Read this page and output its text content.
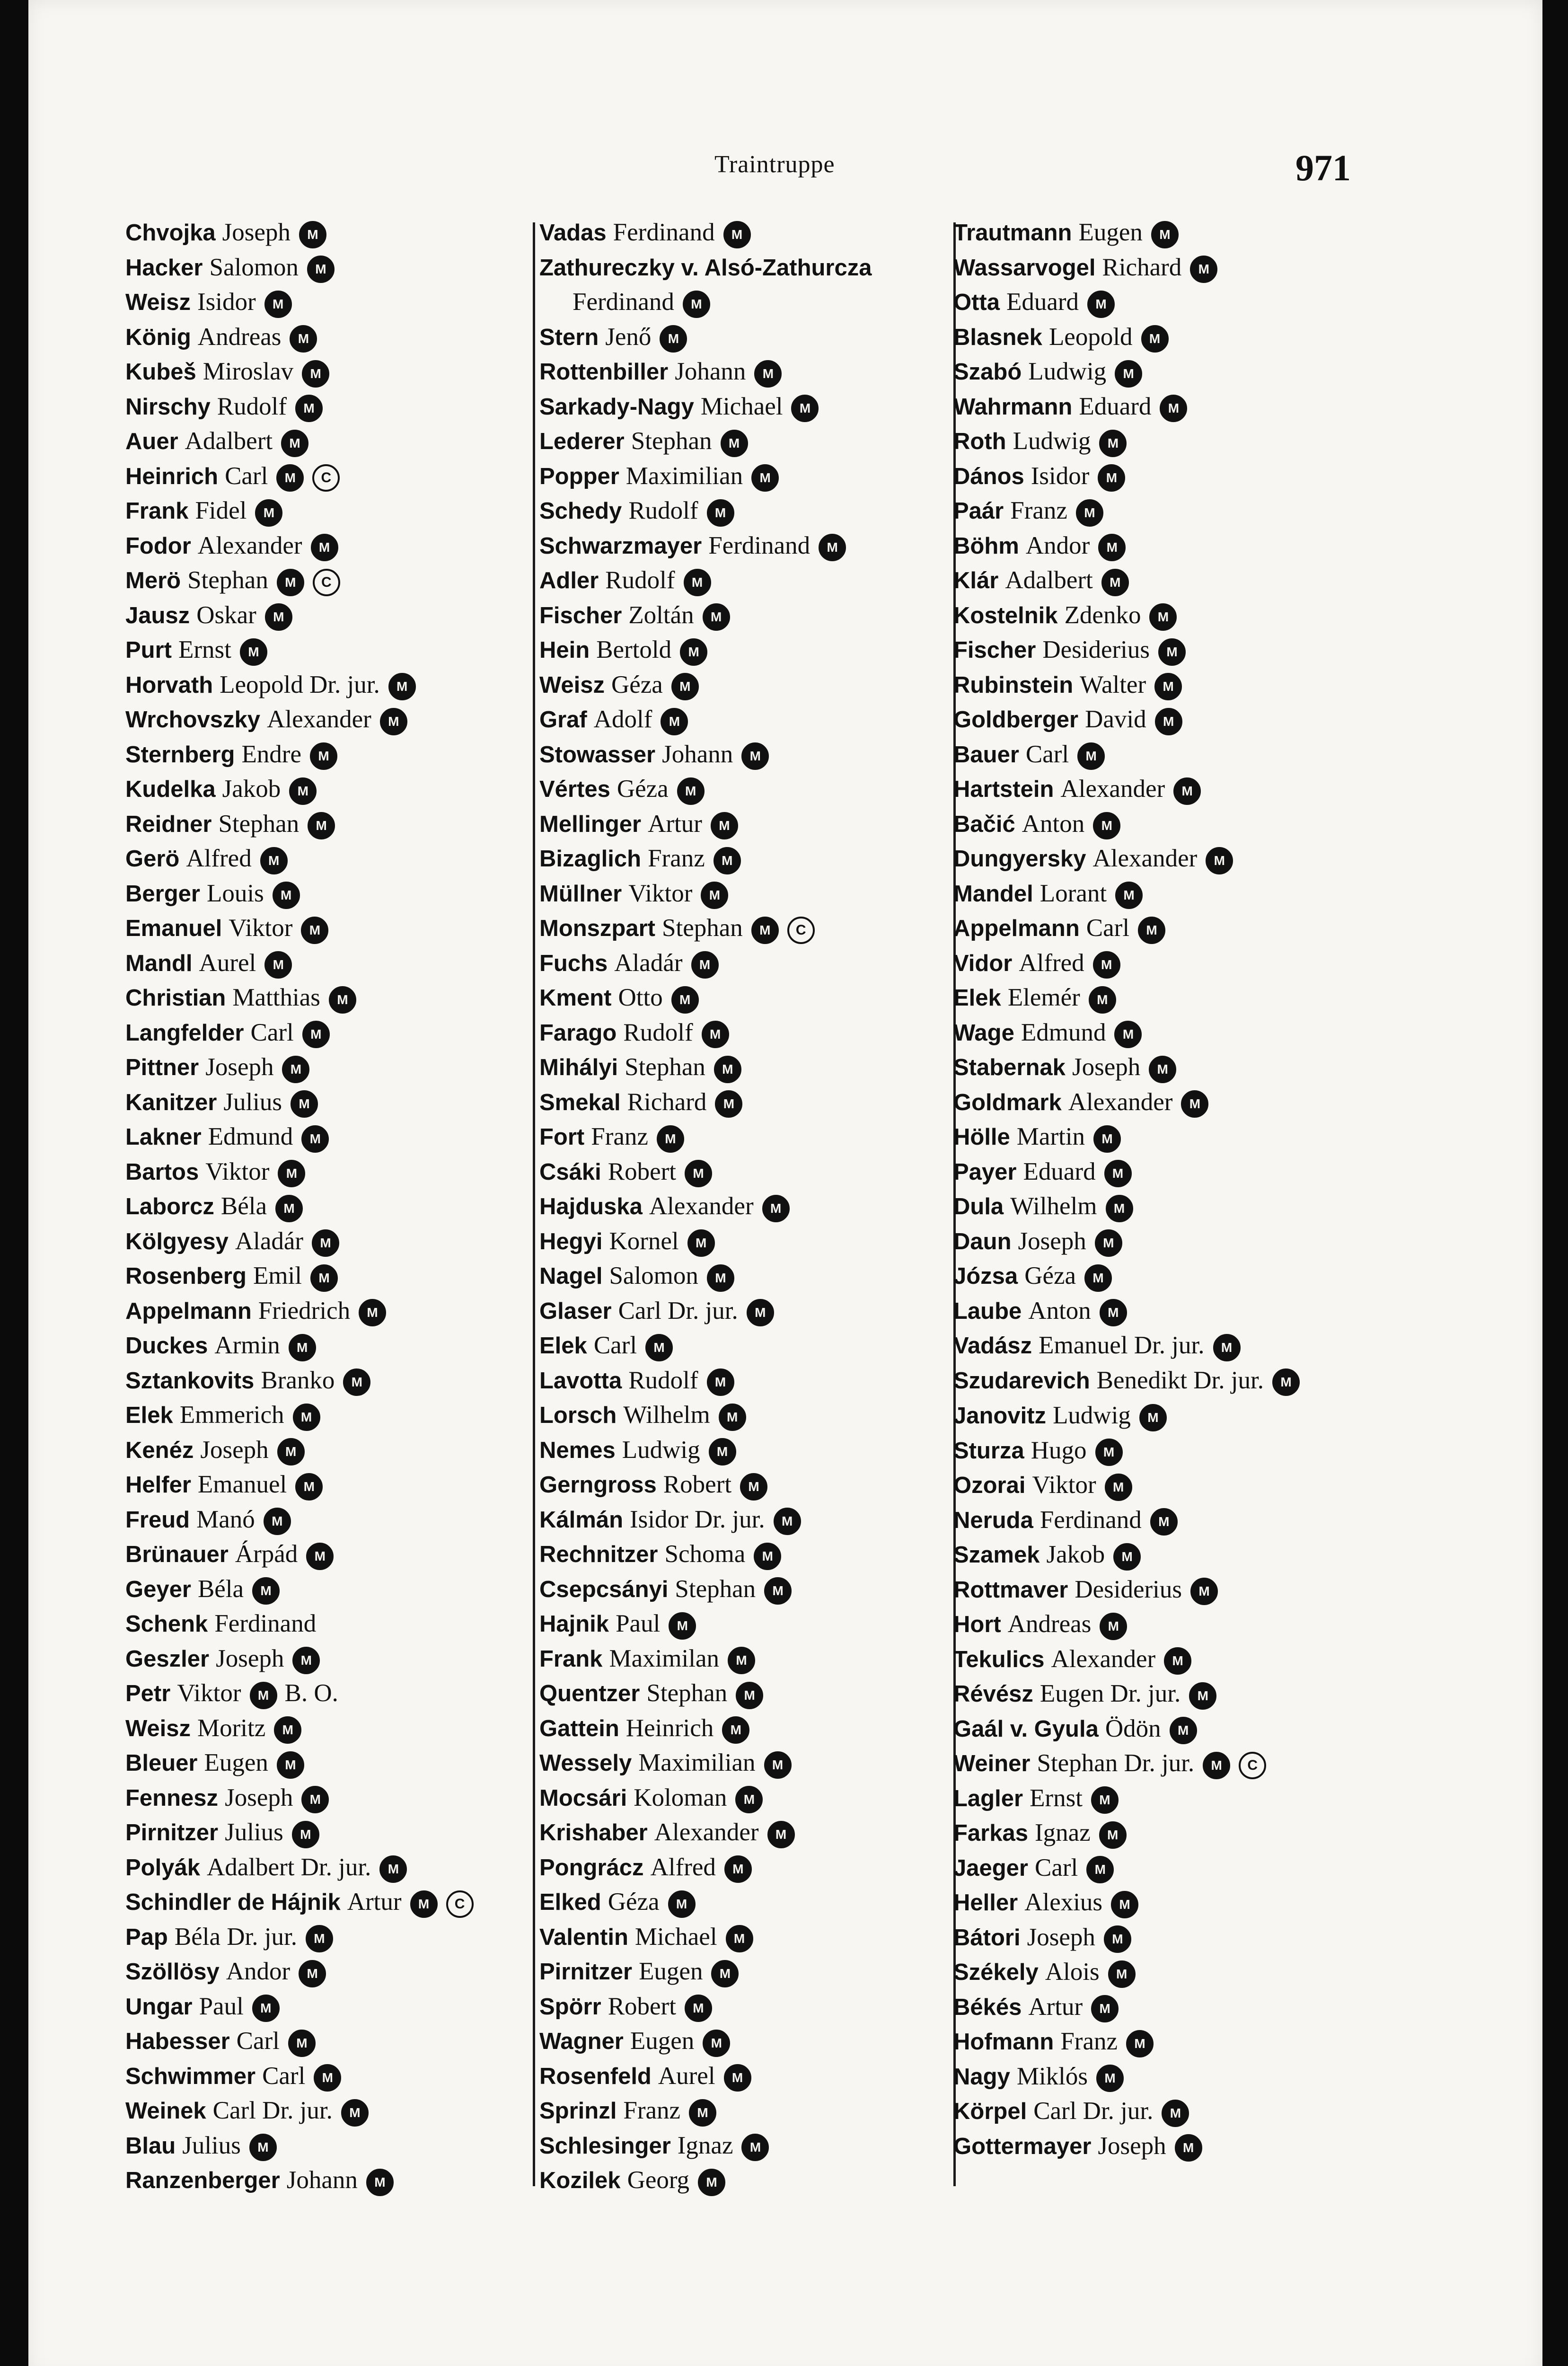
Traintruppe	971
Chvojka Joseph M
Hacker Salomon M
Weisz Isidor M
König Andreas M
Kubeš Miroslav M
Nirschy Rudolf M
Auer Adalbert M
Heinrich Carl M C
Frank Fidel M
Fodor Alexander M
Merö Stephan M C
Jausz Oskar M
Purt Ernst M
Horvath Leopold Dr. jur. M
Wrchovszky Alexander M
Sternberg Endre M
Kudelka Jakob M
Reidner Stephan M
Gerö Alfred M
Berger Louis M
Emanuel Viktor M
Mandl Aurel M
Christian Matthias M
Langfelder Carl M
Pittner Joseph M
Kanitzer Julius M
Lakner Edmund M
Bartos Viktor M
Laborcz Béla M
Kölgyesy Aladár M
Rosenberg Emil M
Appelmann Friedrich M
Duckes Armin M
Sztankovits Branko M
Elek Emmerich M
Kenéz Joseph M
Helfer Emanuel M
Freud Manó M
Brünauer Árpád M
Geyer Béla M
Schenk Ferdinand
Geszler Joseph M
Petr Viktor M B. O.
Weisz Moritz M
Bleuer Eugen M
Fennesz Joseph M
Pirnitzer Julius M
Polyák Adalbert Dr. jur. M
Schindler de Hájnik Artur M C
Pap Béla Dr. jur. M
Szöllösy Andor M
Ungar Paul M
Habesser Carl M
Schwimmer Carl M
Weinek Carl Dr. jur. M
Blau Julius M
Ranzenberger Johann M
Vadas Ferdinand M
Zathureczky v. Alsó-Zathurcza
Ferdinand M
Stern Jenő M
Rottenbiller Johann M
Sarkady-Nagy Michael M
Lederer Stephan M
Popper Maximilian M
Schedy Rudolf M
Schwarzmayer Ferdinand M
Adler Rudolf M
Fischer Zoltán M
Hein Bertold M
Weisz Géza M
Graf Adolf M
Stowasser Johann M
Vértes Géza M
Mellinger Artur M
Bizaglich Franz M
Müllner Viktor M
Monszpart Stephan M C
Fuchs Aladár M
Kment Otto M
Farago Rudolf M
Mihályi Stephan M
Smekal Richard M
Fort Franz M
Csáki Robert M
Hajduska Alexander M
Hegyi Kornel M
Nagel Salomon M
Glaser Carl Dr. jur. M
Elek Carl M
Lavotta Rudolf M
Lorsch Wilhelm M
Nemes Ludwig M
Gerngross Robert M
Kálmán Isidor Dr. jur. M
Rechnitzer Schoma M
Csepcsányi Stephan M
Hajnik Paul M
Frank Maximilan M
Quentzer Stephan M
Gattein Heinrich M
Wessely Maximilian M
Mocsári Koloman M
Krishaber Alexander M
Pongrácz Alfred M
Elked Géza M
Valentin Michael M
Pirnitzer Eugen M
Spörr Robert M
Wagner Eugen M
Rosenfeld Aurel M
Sprinzl Franz M
Schlesinger Ignaz M
Kozilek Georg M
Trautmann Eugen M
Wassarvogel Richard M
Otta Eduard M
Blasnek Leopold M
Szabó Ludwig M
Wahrmann Eduard M
Roth Ludwig M
Dános Isidor M
Paár Franz M
Böhm Andor M
Klár Adalbert M
Kostelnik Zdenko M
Fischer Desiderius M
Rubinstein Walter M
Goldberger David M
Bauer Carl M
Hartstein Alexander M
Bačić Anton M
Dungyersky Alexander M
Mandel Lorant M
Appelmann Carl M
Vidor Alfred M
Elek Elemér M
Wage Edmund M
Stabernak Joseph M
Goldmark Alexander M
Hölle Martin M
Payer Eduard M
Dula Wilhelm M
Daun Joseph M
Józsa Géza M
Laube Anton M
Vadász Emanuel Dr. jur. M
Szudarevich Benedikt Dr. jur. M
Janovitz Ludwig M
Sturza Hugo M
Ozorai Viktor M
Neruda Ferdinand M
Szamek Jakob M
Rottmaver Desiderius M
Hort Andreas M
Tekulics Alexander M
Révész Eugen Dr. jur. M
Gaál v. Gyula Ödön M
Weiner Stephan Dr. jur. M C
Lagler Ernst M
Farkas Ignaz M
Jaeger Carl M
Heller Alexius M
Bátori Joseph M
Székely Alois M
Békés Artur M
Hofmann Franz M
Nagy Miklós M
Körpel Carl Dr. jur. M
Gottermayer Joseph M
